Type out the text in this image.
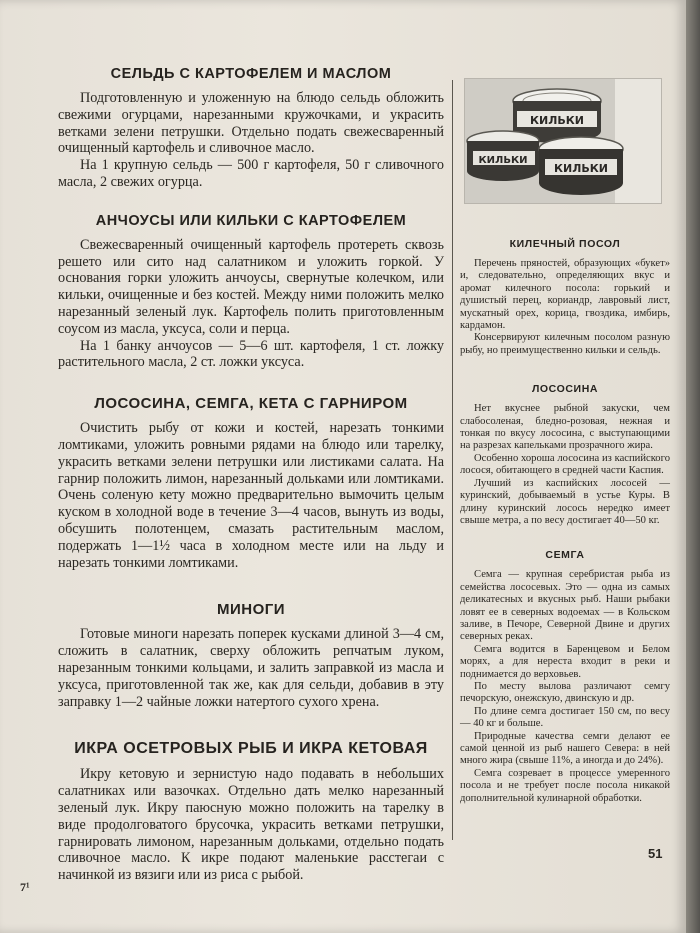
СЕЛЬДЬ С КАРТОФЕЛЕМ И МАСЛОМ

Подготовленную и уложенную на блюдо сельдь обложить свежими огурцами, нарезанными кружочками, и украсить ветками зелени петрушки. Отдельно подать свежесваренный очищенный картофель и сливочное масло.

На 1 крупную сельдь — 500 г картофеля, 50 г сливочного масла, 2 свежих огурца.

АНЧОУСЫ ИЛИ КИЛЬКИ С КАРТОФЕЛЕМ

Свежесваренный очищенный картофель протереть сквозь решето или сито над салатником и уложить горкой. У основания горки уложить анчоусы, свернутые колечком, или кильки, очищенные и без костей. Между ними положить мелко нарезанный зеленый лук. Картофель полить приготовленным соусом из масла, уксуса, соли и перца.

На 1 банку анчоусов — 5—6 шт. картофеля, 1 ст. ложку растительного масла, 2 ст. ложки уксуса.

ЛОСОСИНА, СЕМГА, КЕТА С ГАРНИРОМ

Очистить рыбу от кожи и костей, нарезать тонкими ломтиками, уложить ровными рядами на блюдо или тарелку, украсить ветками зелени петрушки или листиками салата. На гарнир положить лимон, нарезанный дольками или ломтиками. Очень соленую кету можно предварительно вымочить целым куском в холодной воде в течение 3—4 часов, вынуть из воды, обсушить полотенцем, смазать растительным маслом, подержать 1—1½ часа в холодном месте или на льду и нарезать тонкими ломтиками.

МИНОГИ

Готовые миноги нарезать поперек кусками длиной 3—4 см, сложить в салатник, сверху обложить репчатым луком, нарезанным тонкими кольцами, и залить заправкой из масла и уксуса, приготовленной так же, как для сельди, добавив в эту заправку 1—2 чайные ложки натертого сухого хрена.

ИКРА ОСЕТРОВЫХ РЫБ И ИКРА КЕТОВАЯ

Икру кетовую и зернистую надо подавать в небольших салатниках или вазочках. Отдельно дать мелко нарезанный зеленый лук. Икру паюсную можно положить на тарелку в виде продолговатого брусочка, украсить ветками петрушки, гарнировать лимоном, нарезанным дольками, отдельно подать сливочное масло. К икре подают маленькие расстегаи с начинкой из вязиги или из риса с рыбой.

КИЛЬКИ
КИЛЬКИ
КИЛЬКИ
КИЛЕЧНЫЙ ПОСОЛ

Перечень пряностей, образующих «букет» и, следовательно, определяющих вкус и аромат килечного посола: горький и душистый перец, кориандр, лавровый лист, мускатный орех, корица, гвоздика, имбирь, кардамон.

Консервируют килечным посолом разную рыбу, но преимущественно кильки и сельдь.

ЛОСОСИНА

Нет вкуснее рыбной закуски, чем слабосоленая, бледно-розовая, нежная и тонкая по вкусу лососина, с выступающими на разрезах капельками прозрачного жира.

Особенно хороша лососина из каспийского лосося, обитающего в средней части Каспия.

Лучший из каспийских лососей — куринский, добываемый в устье Куры. В длину куринский лосось нередко имеет свыше метра, а по весу достигает 40—50 кг.

СЕМГА

Семга — крупная серебристая рыба из семейства лососевых. Это — одна из самых деликатесных и вкусных рыб. Наши рыбаки ловят ее в северных водоемах — в Кольском заливе, в Печоре, Северной Двине и других северных реках.

Семга водится в Баренцевом и Белом морях, а для нереста входит в реки и поднимается до верховьев.

По месту вылова различают семгу печорскую, онежскую, двинскую и др.

По длине семга достигает 150 см, по весу — 40 кг и больше.

Природные качества семги делают ее самой ценной из рыб нашего Севера: в ней много жира (свыше 11%, а иногда и до 24%).

Семга созревает в процессе умеренного посола и не требует после посола никакой дополнительной кулинарной обработки.

51
7¹
